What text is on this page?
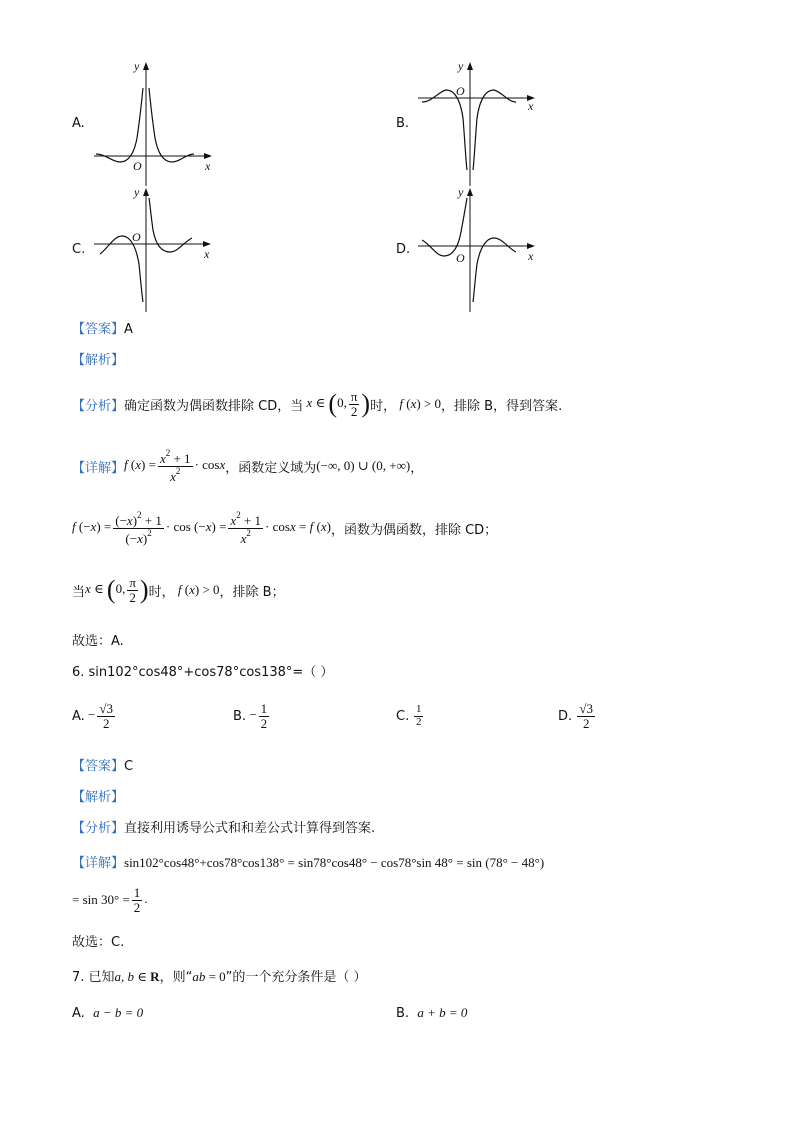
A.
x
y
O
B.
x
y
O
C.	x
y
O
D.	x
y
O
【答案】A
【解析】
【分析】 确定函数为偶函数排除 CD，当 x ∈ (0, $\frac{\pi}{2}$ ) 时， f (x) > 0 ，排除 B，得到答案.
【详解】 f $(x) = \frac{x^2 + 1}{x^2} \cdot \cos x$ ，函数定义域为 (−∞, 0) ∪ (0, +∞) ，
f $(-x) = \frac{(-x)^2 + 1}{(-x)^2} \cdot \cos (-x) = \frac{x^2 + 1}{x^2} \cdot \cos x = f$ (x) ，函数为偶函数，排除 CD；
当 x ∈ (0, $\frac{\pi}{2}$ ) 时， f (x) > 0 ，排除 B；
故选：A.
6. sin102°cos48°+cos78°cos138°=（ ）
A. − $\frac{√3}{2}$	B. − $\frac{1}{2}$	C.
$\frac{1}{2}$	D.
$\frac{√3}{2}$
【答案】C
【解析】
【分析】直接利用诱导公式和和差公式计算得到答案.
【详解】sin102°cos48°+cos78°cos138° = sin78°cos48° − cos78°sin 48° = sin (78° − 48°)
= $\sin 30^\circ = \frac{1}{2}$ .
故选：C.
7. 已知a, b ∈ R，则“ab = 0”的一个充分条件是（ ）
A. a − b = 0	B. a + b = 0
